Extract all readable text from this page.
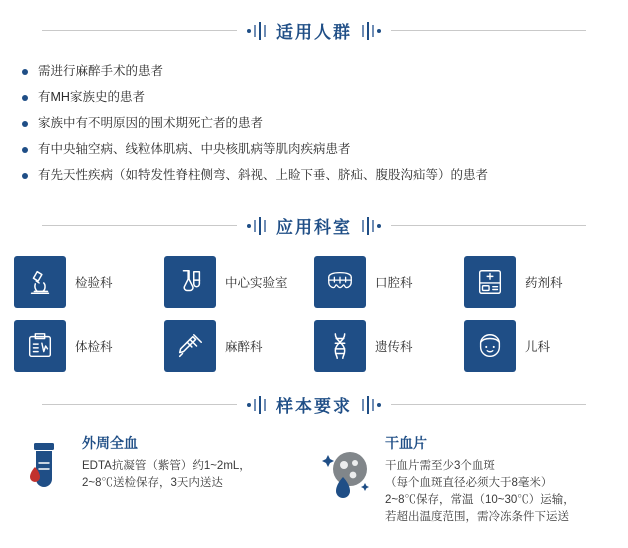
适用人群
需进行麻醉手术的患者
有MH家族史的患者
家族中有不明原因的围术期死亡者的患者
有中央轴空病、线粒体肌病、中央核肌病等肌肉疾病患者
有先天性疾病（如特发性脊柱侧弯、斜视、上睑下垂、脐疝、腹股沟疝等）的患者
应用科室
检验科	中心实验室	口腔科	药剂科
体检科	麻醉科	遗传科	儿科
样本要求
外周全血
EDTA抗凝管（紫管）约1~2mL，
2~8℃送检保存，3天内送达
干血片
干血片需至少3个血斑
（每个血斑直径必须大于8毫米）
2~8℃保存，常温（10~30℃）运输，
若超出温度范围，需冷冻条件下运送
